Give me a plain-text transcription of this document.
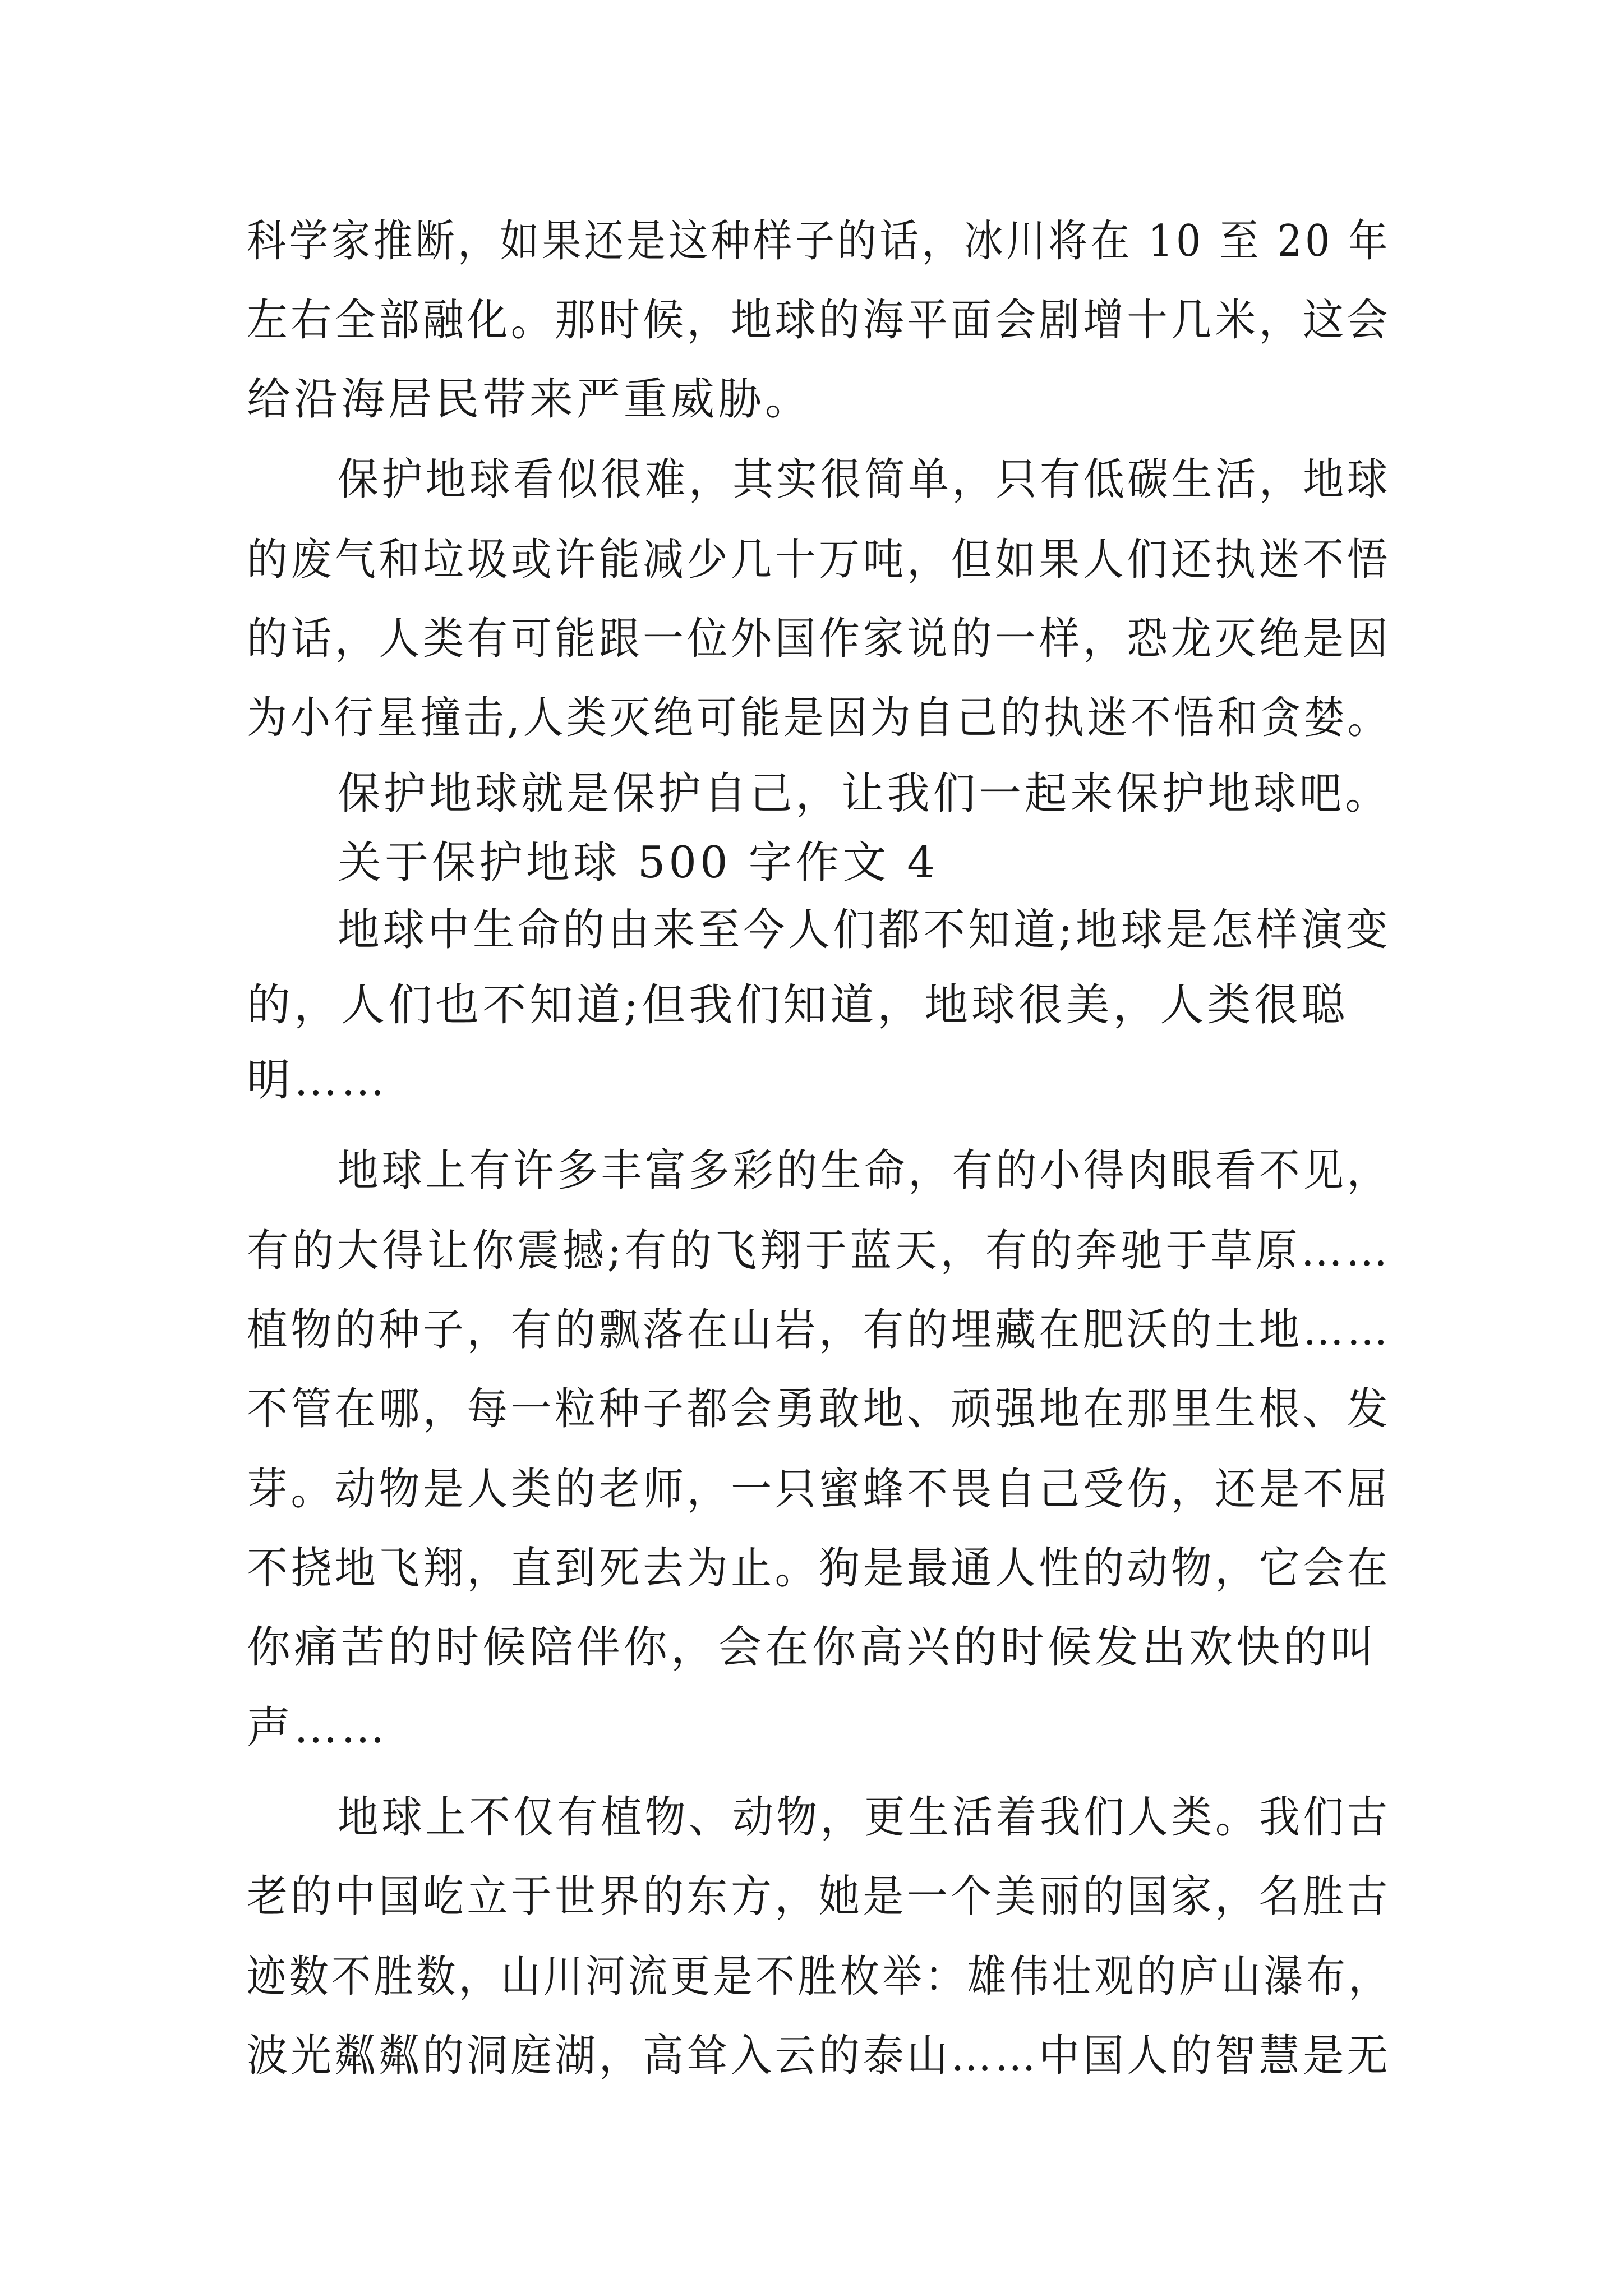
科学家推断，如果还是这种样子的话，冰川将在 10 至 20 年
左右全部融化。那时候，地球的海平面会剧增十几米，这会
给沿海居民带来严重威胁。
保护地球看似很难，其实很简单，只有低碳生活，地球
的废气和垃圾或许能减少几十万吨，但如果人们还执迷不悟
的话，人类有可能跟一位外国作家说的一样，恐龙灭绝是因
为小行星撞击,人类灭绝可能是因为自己的执迷不悟和贪婪。
保护地球就是保护自己，让我们一起来保护地球吧。
关于保护地球 500 字作文 4
地球中生命的由来至今人们都不知道;地球是怎样演变
的，人们也不知道;但我们知道，地球很美，人类很聪
明……
地球上有许多丰富多彩的生命，有的小得肉眼看不见，
有的大得让你震撼;有的飞翔于蓝天，有的奔驰于草原……
植物的种子，有的飘落在山岩，有的埋藏在肥沃的土地……
不管在哪，每一粒种子都会勇敢地、顽强地在那里生根、发
芽。动物是人类的老师，一只蜜蜂不畏自己受伤，还是不屈
不挠地飞翔，直到死去为止。狗是最通人性的动物，它会在
你痛苦的时候陪伴你，会在你高兴的时候发出欢快的叫
声……
地球上不仅有植物、动物，更生活着我们人类。我们古
老的中国屹立于世界的东方，她是一个美丽的国家，名胜古
迹数不胜数，山川河流更是不胜枚举：雄伟壮观的庐山瀑布，
波光粼粼的洞庭湖，高耸入云的泰山……中国人的智慧是无
